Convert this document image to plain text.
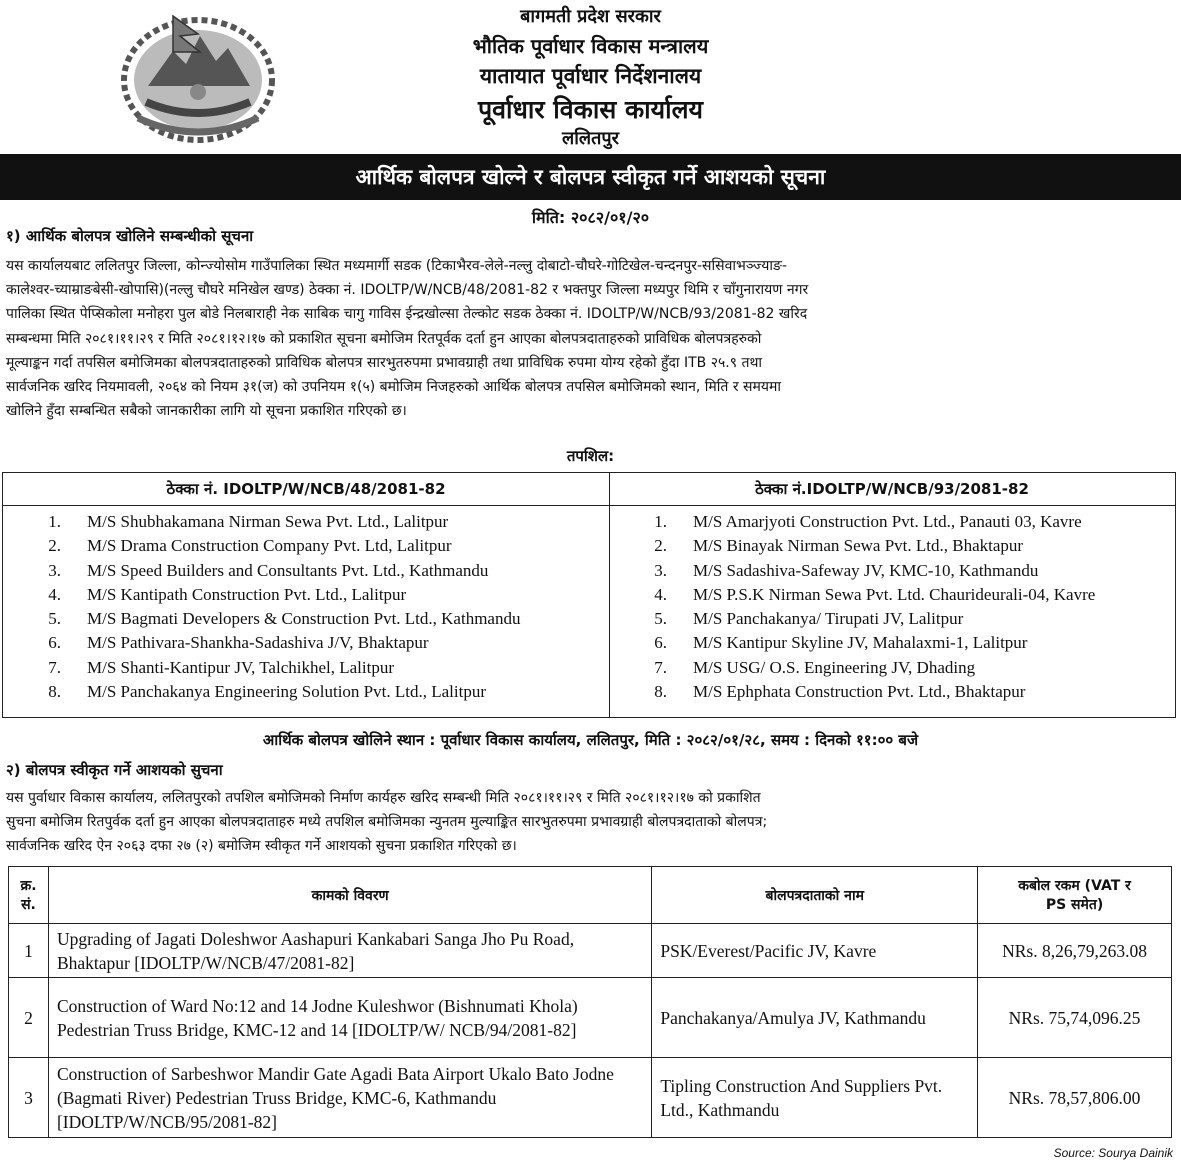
बागमती प्रदेश सरकार
भौतिक पूर्वाधार विकास मन्त्रालय
यातायात पूर्वाधार निर्देशनालय
पूर्वाधार विकास कार्यालय
ललितपुर
आर्थिक बोलपत्र खोल्ने र बोलपत्र स्वीकृत गर्ने आशयको सूचना
मिति: २०८२/०१/२०
१) आर्थिक बोलपत्र खोलिने सम्बन्धीको सूचना
यस कार्यालयबाट ललितपुर जिल्ला, कोन्ज्योसोम गाउँपालिका स्थित मध्यमार्गी सडक (टिकाभैरव-लेले-नल्लु दोबाटो-चौघरे-गोटिखेल-चन्दनपुर-ससिवाभञ्ज्याङ-
कालेश्वर-च्याम्राङबेसी-खोपासि)(नल्लु चौघरे मनिखेल खण्ड) ठेक्का नं. IDOLTP/W/NCB/48/2081-82 र भक्तपुर जिल्ला मध्यपुर थिमि र चाँगुनारायण नगर
पालिका स्थित पेप्सिकोला मनोहरा पुल बोडे निलबाराही नेक साबिक चागु गाविस ईन्द्रखोल्सा तेल्कोट सडक ठेक्का नं. IDOLTP/W/NCB/93/2081-82 खरिद
सम्बन्धमा मिति २०८१।११।२९ र मिति २०८१।१२।१७ को प्रकाशित सूचना बमोजिम रितपूर्वक दर्ता हुन आएका बोलपत्रदाताहरुको प्राविधिक बोलपत्रहरुको
मूल्याङ्कन गर्दा तपसिल बमोजिमका बोलपत्रदाताहरुको प्राविधिक बोलपत्र सारभुतरुपमा प्रभावग्राही तथा प्राविधिक रुपमा योग्य रहेको हुँदा ITB २५.९ तथा
सार्वजनिक खरिद नियमावली, २०६४ को नियम ३१(ज) को उपनियम १(५) बमोजिम निजहरुको आर्थिक बोलपत्र तपसिल बमोजिमको स्थान, मिति र समयमा
खोलिने हुँदा सम्बन्धित सबैको जानकारीका लागि यो सूचना प्रकाशित गरिएको छ।
तपशिल:
ठेक्का नं. IDOLTP/W/NCB/48/2081-82
1. M/S Shubhakamana Nirman Sewa Pvt. Ltd., Lalitpur
2. M/S Drama Construction Company Pvt. Ltd, Lalitpur
3. M/S Speed Builders and Consultants Pvt. Ltd., Kathmandu
4. M/S Kantipath Construction Pvt. Ltd., Lalitpur
5. M/S Bagmati Developers & Construction Pvt. Ltd., Kathmandu
6. M/S Pathivara-Shankha-Sadashiva J/V, Bhaktapur
7. M/S Shanti-Kantipur JV, Talchikhel, Lalitpur
8. M/S Panchakanya Engineering Solution Pvt. Ltd., Lalitpur
ठेक्का नं.IDOLTP/W/NCB/93/2081-82
1. M/S Amarjyoti Construction Pvt. Ltd., Panauti 03, Kavre
2. M/S Binayak Nirman Sewa Pvt. Ltd., Bhaktapur
3. M/S Sadashiva-Safeway JV, KMC-10, Kathmandu
4. M/S P.S.K Nirman Sewa Pvt. Ltd. Chaurideurali-04, Kavre
5. M/S Panchakanya/ Tirupati JV, Lalitpur
6. M/S Kantipur Skyline JV, Mahalaxmi-1, Lalitpur
7. M/S USG/ O.S. Engineering JV, Dhading
8. M/S Ephphata Construction Pvt. Ltd., Bhaktapur
आर्थिक बोलपत्र खोलिने स्थान : पूर्वाधार विकास कार्यालय, ललितपुर, मिति : २०८२/०१/२८, समय : दिनको ११:०० बजे
२) बोलपत्र स्वीकृत गर्ने आशयको सुचना
यस पुर्वाधार विकास कार्यालय, ललितपुरको तपशिल बमोजिमको निर्माण कार्यहरु खरिद सम्बन्धी मिति २०८१।११।२९ र मिति २०८१।१२।१७ को प्रकाशित
सुचना बमोजिम रितपुर्वक दर्ता हुन आएका बोलपत्रदाताहरु मध्ये तपशिल बमोजिमका न्युनतम मुल्याङ्कित सारभुतरुपमा प्रभावग्राही बोलपत्रदाताको बोलपत्र;
सार्वजनिक खरिद ऐन २०६३ दफा २७ (२) बमोजिम स्वीकृत गर्ने आशयको सुचना प्रकाशित गरिएको छ।
क्र.
सं.	कामको विवरण	बोलपत्रदाताको नाम	कबोल रकम (VAT र
PS समेत)
1	Upgrading of Jagati Doleshwor Aashapuri Kankabari Sanga Jho Pu Road, Bhaktapur [IDOLTP/W/NCB/47/2081-82]	PSK/Everest/Pacific JV, Kavre	NRs. 8,26,79,263.08
2	Construction of Ward No:12 and 14 Jodne Kuleshwor (Bishnumati Khola) Pedestrian Truss Bridge, KMC-12 and 14 [IDOLTP/W/ NCB/94/2081-82]	Panchakanya/Amulya JV, Kathmandu	NRs. 75,74,096.25
3	Construction of Sarbeshwor Mandir Gate Agadi Bata Airport Ukalo Bato Jodne (Bagmati River) Pedestrian Truss Bridge, KMC-6, Kathmandu [IDOLTP/W/NCB/95/2081-82]	Tipling Construction And Suppliers Pvt. Ltd., Kathmandu	NRs. 78,57,806.00
Source: Sourya Dainik
